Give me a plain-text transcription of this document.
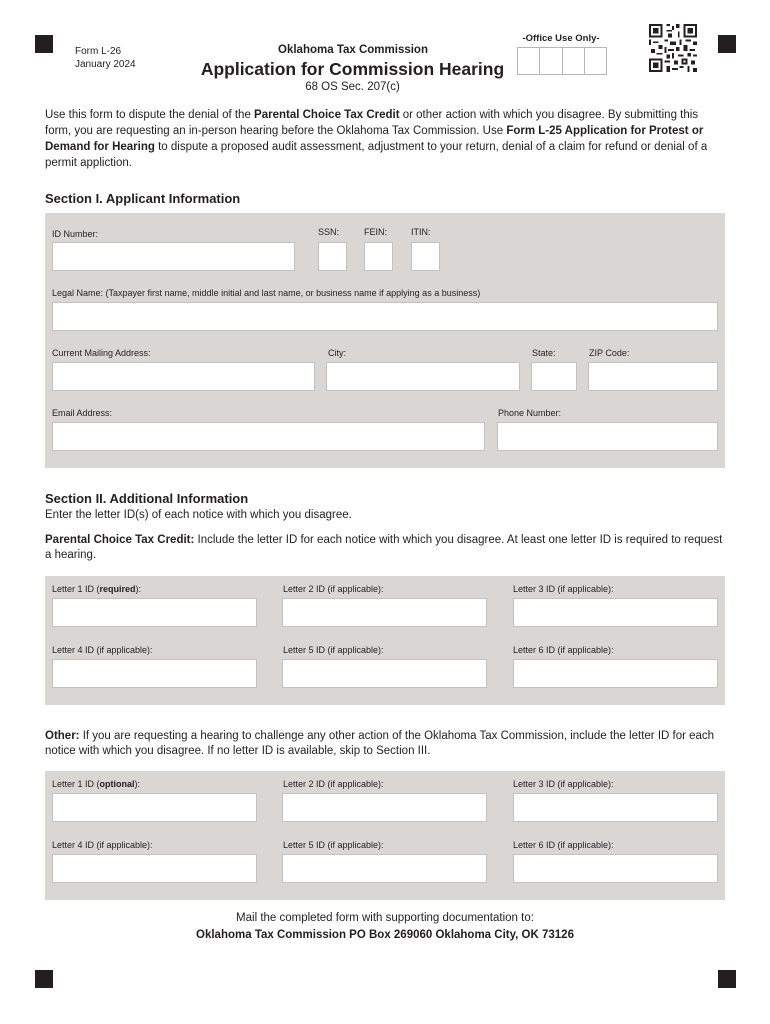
Form L-26
January 2024
Oklahoma Tax Commission
Application for Commission Hearing
68 OS Sec. 207(c)
-Office Use Only-
Use this form to dispute the denial of the Parental Choice Tax Credit or other action with which you disagree. By submitting this form, you are requesting an in-person hearing before the Oklahoma Tax Commission. Use Form L-25 Application for Protest or Demand for Hearing to dispute a proposed audit assessment, adjustment to your return, denial of a claim for refund or denial of a permit appliction.
Section I. Applicant Information
ID Number:	SSN:	FEIN:	ITIN:
Legal Name: (Taxpayer first name, middle initial and last name, or business name if applying as a business)
Current Mailing Address:	City:	State:	ZIP Code:
Email Address:	Phone Number:
Section II. Additional Information
Enter the letter ID(s) of each notice with which you disagree.
Parental Choice Tax Credit: Include the letter ID for each notice with which you disagree. At least one letter ID is required to request a hearing.
Letter 1 ID (required):	Letter 2 ID (if applicable):	Letter 3 ID (if applicable):
Letter 4 ID (if applicable):	Letter 5 ID (if applicable):	Letter 6 ID (if applicable):
Other: If you are requesting a hearing to challenge any other action of the Oklahoma Tax Commission, include the letter ID for each notice with which you disagree. If no letter ID is available, skip to Section III.
Letter 1 ID (optional):	Letter 2 ID (if applicable):	Letter 3 ID (if applicable):
Letter 4 ID (if applicable):	Letter 5 ID (if applicable):	Letter 6 ID (if applicable):
Mail the completed form with supporting documentation to:
Oklahoma Tax Commission PO Box 269060 Oklahoma City, OK 73126
